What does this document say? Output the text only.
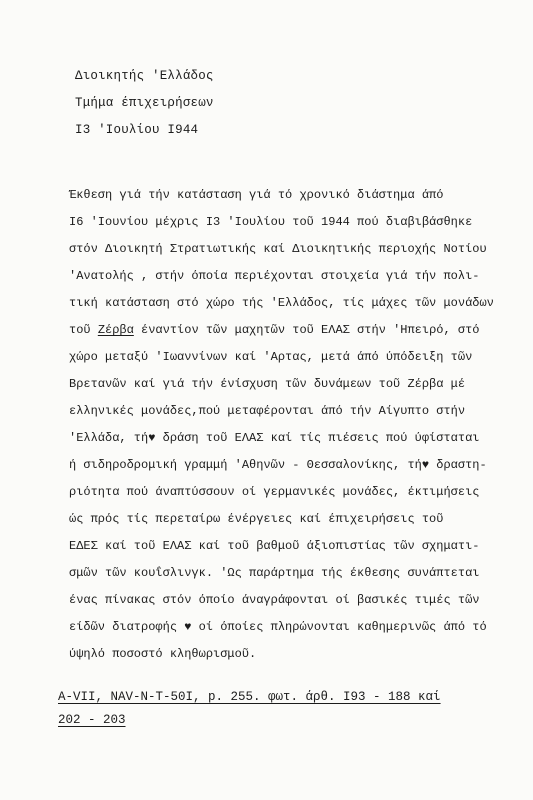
Διοικητής 'Ελλάδος
Τμήμα έπιχειρήσεων
I3 'Ιουλίου I944
Έκθεση γιά τήν κατάσταση γιά τό χρονικό διάστημα άπό
I6 'Ιουνίου μέχρις I3 'Ιουλίου τοῦ 1944 πού διαβιβάσθηκε
στόν Διοικητή Στρατιωτικής καί Διοικητικής περιοχής Νοτίου
'Ανατολής , στήν όποία περιέχονται στοιχεία γιά τήν πολι-
τική κατάσταση στό χώρο τής 'Ελλάδος, τίς μάχες τῶν μονάδων
τοῦ Ζέρβα έναντίον τῶν μαχητῶν τοῦ ΕΛΑΣ στήν 'Ηπειρό, στό
χώρο μεταξύ 'Ιωαννίνων καί 'Αρτας, μετά άπό ύπόδειξη τῶν
Βρετανῶν καί γιά τήν ένίσχυση τῶν δυνάμεων τοῦ Ζέρβα μέ
ελληνικές μονάδες,πού μεταφέρονται άπό τήν Αίγυπτο στήν
'Ελλάδα, τή♥ δράση τοῦ ΕΛΑΣ καί τίς πιέσεις πού ύφίσταται
ή σιδηροδρομική γραμμή 'Αθηνῶν - Θεσσαλονίκης, τή♥ δραστη-
ριότητα πού άναπτύσσουν οί γερμανικές μονάδες, έκτιμήσεις
ώς πρός τίς περεταίρω ένέργειες καί έπιχειρήσεις τοῦ
ΕΔΕΣ καί τοῦ ΕΛΑΣ καί τοῦ βαθμοῦ άξιοπιστίας τῶν σχηματι-
σμῶν τῶν κουΐσλινγκ. 'Ως παράρτημα τής έκθεσης συνάπτεται
ένας πίνακας στόν όποίο άναγράφονται οί βασικές τιμές τῶν
είδῶν διατροφής ♥ οί όποίες πληρώνονται καθημερινῶς άπό τό
ύψηλό ποσοστό κληθωρισμοῦ.
A-VII, NAV-N-T-50I, p. 255. φωτ. άρθ. I93 - 188 καί
202 - 203
